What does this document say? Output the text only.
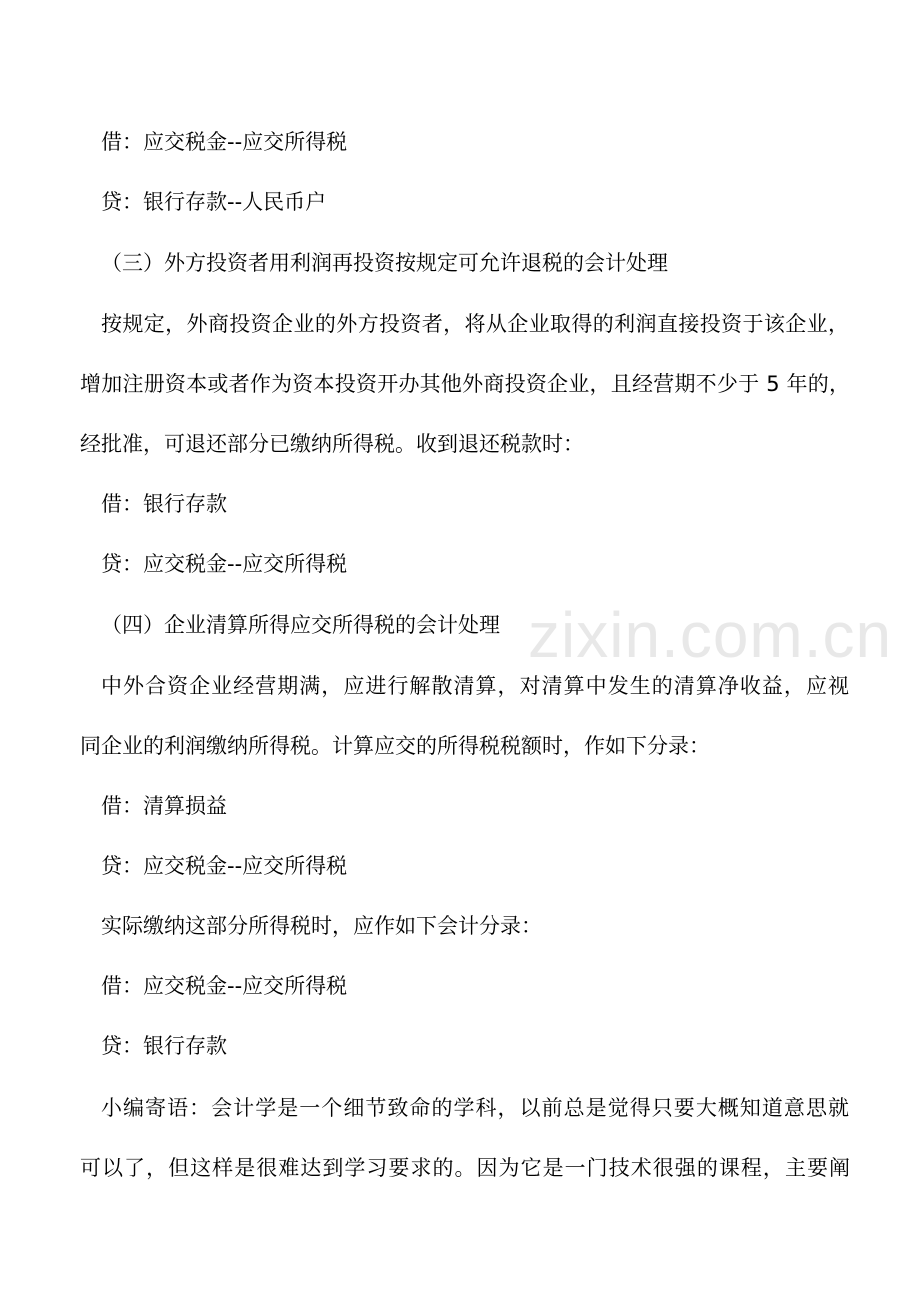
zixin.com.cn
借：应交税金--应交所得税
贷：银行存款--人民币户
（三）外方投资者用利润再投资按规定可允许退税的会计处理
按规定，外商投资企业的外方投资者，将从企业取得的利润直接投资于该企业，
增加注册资本或者作为资本投资开办其他外商投资企业，且经营期不少于 5 年的，
经批准，可退还部分已缴纳所得税。收到退还税款时：
借：银行存款
贷：应交税金--应交所得税
（四）企业清算所得应交所得税的会计处理
中外合资企业经营期满，应进行解散清算，对清算中发生的清算净收益，应视
同企业的利润缴纳所得税。计算应交的所得税税额时，作如下分录：
借：清算损益
贷：应交税金--应交所得税
实际缴纳这部分所得税时，应作如下会计分录：
借：应交税金--应交所得税
贷：银行存款
小编寄语：会计学是一个细节致命的学科，以前总是觉得只要大概知道意思就
可以了，但这样是很难达到学习要求的。因为它是一门技术很强的课程，主要阐
